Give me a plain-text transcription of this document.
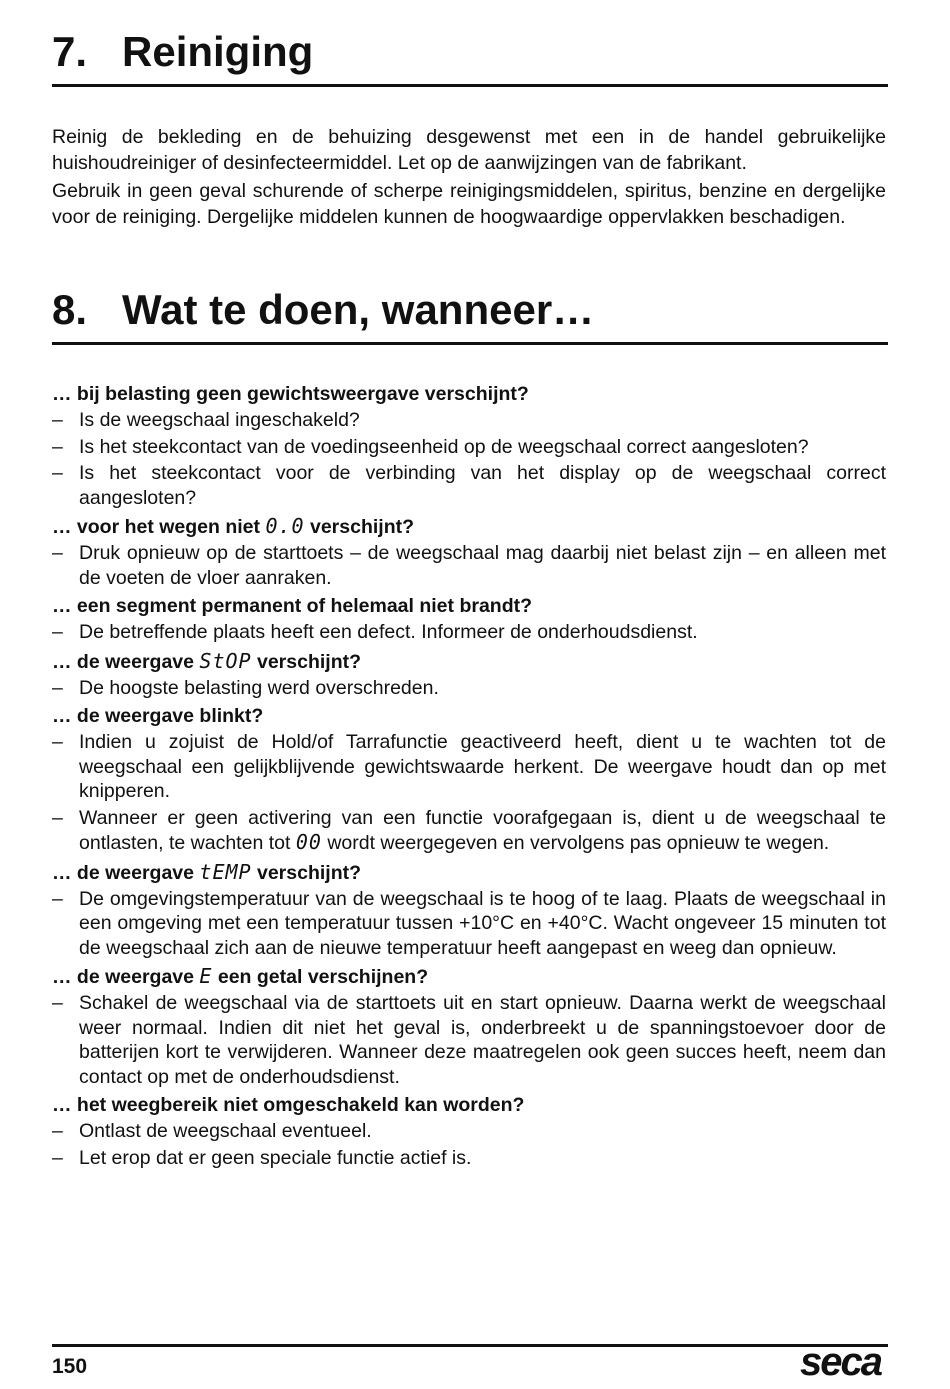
7. Reiniging

Reinig de bekleding en de behuizing desgewenst met een in de handel gebruikelijke huishoudreiniger of desinfecteermiddel. Let op de aanwijzingen van de fabrikant.

Gebruik in geen geval schurende of scherpe reinigingsmiddelen, spiritus, benzine en dergelijke voor de reiniging. Dergelijke middelen kunnen de hoogwaardige oppervlakken beschadigen.

8. Wat te doen, wanneer…
… bij belasting geen gewichtsweergave verschijnt?
– Is de weegschaal ingeschakeld?
– Is het steekcontact van de voedingseenheid op de weegschaal correct aangesloten?
– Is het steekcontact voor de verbinding van het display op de weegschaal correct aangesloten?
… voor het wegen niet 0.0 verschijnt?
– Druk opnieuw op de starttoets – de weegschaal mag daarbij niet belast zijn – en alleen met de voeten de vloer aanraken.
… een segment permanent of helemaal niet brandt?
– De betreffende plaats heeft een defect. Informeer de onderhoudsdienst.
… de weergave StOP verschijnt?
– De hoogste belasting werd overschreden.
… de weergave blinkt?
– Indien u zojuist de Hold/of Tarrafunctie geactiveerd heeft, dient u te wachten tot de weegschaal een gelijkblijvende gewichtswaarde herkent. De weergave houdt dan op met knipperen.
– Wanneer er geen activering van een functie voorafgegaan is, dient u de weegschaal te ontlasten, te wachten tot 00 wordt weergegeven en vervolgens pas opnieuw te wegen.
… de weergave tEMP verschijnt?
– De omgevingstemperatuur van de weegschaal is te hoog of te laag. Plaats de weegschaal in een omgeving met een temperatuur tussen +10°C en +40°C. Wacht ongeveer 15 minuten tot de weegschaal zich aan de nieuwe temperatuur heeft aangepast en weeg dan opnieuw.
… de weergave E een getal verschijnen?
– Schakel de weegschaal via de starttoets uit en start opnieuw. Daarna werkt de weegschaal weer normaal. Indien dit niet het geval is, onderbreekt u de spanningstoevoer door de batterijen kort te verwijderen. Wanneer deze maatregelen ook geen succes heeft, neem dan contact op met de onderhoudsdienst.
… het weegbereik niet omgeschakeld kan worden?
– Ontlast de weegschaal eventueel.
– Let erop dat er geen speciale functie actief is.
150	seca
